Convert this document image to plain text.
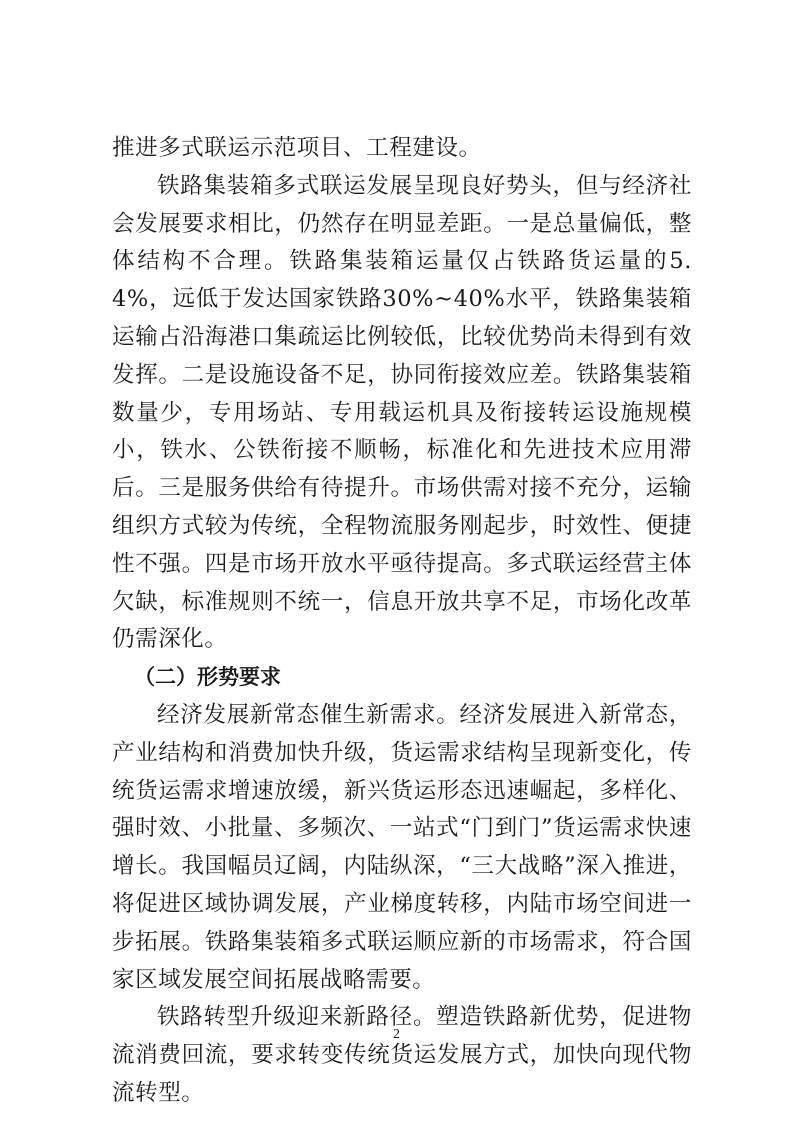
推进多式联运示范项目、工程建设。

铁路集装箱多式联运发展呈现良好势头，但与经济社会发展要求相比，仍然存在明显差距。一是总量偏低，整体结构不合理。铁路集装箱运量仅占铁路货运量的5.4%，远低于发达国家铁路30%~40%水平，铁路集装箱运输占沿海港口集疏运比例较低，比较优势尚未得到有效发挥。二是设施设备不足，协同衔接效应差。铁路集装箱数量少，专用场站、专用载运机具及衔接转运设施规模小，铁水、公铁衔接不顺畅，标准化和先进技术应用滞后。三是服务供给有待提升。市场供需对接不充分，运输组织方式较为传统，全程物流服务刚起步，时效性、便捷性不强。四是市场开放水平亟待提高。多式联运经营主体欠缺，标准规则不统一，信息开放共享不足，市场化改革仍需深化。

（二）形势要求

经济发展新常态催生新需求。经济发展进入新常态，产业结构和消费加快升级，货运需求结构呈现新变化，传统货运需求增速放缓，新兴货运形态迅速崛起，多样化、强时效、小批量、多频次、一站式“门到门”货运需求快速增长。我国幅员辽阔，内陆纵深，“三大战略”深入推进，将促进区域协调发展，产业梯度转移，内陆市场空间进一步拓展。铁路集装箱多式联运顺应新的市场需求，符合国家区域发展空间拓展战略需要。

铁路转型升级迎来新路径。塑造铁路新优势，促进物流消费回流，要求转变传统货运发展方式，加快向现代物流转型。

2
